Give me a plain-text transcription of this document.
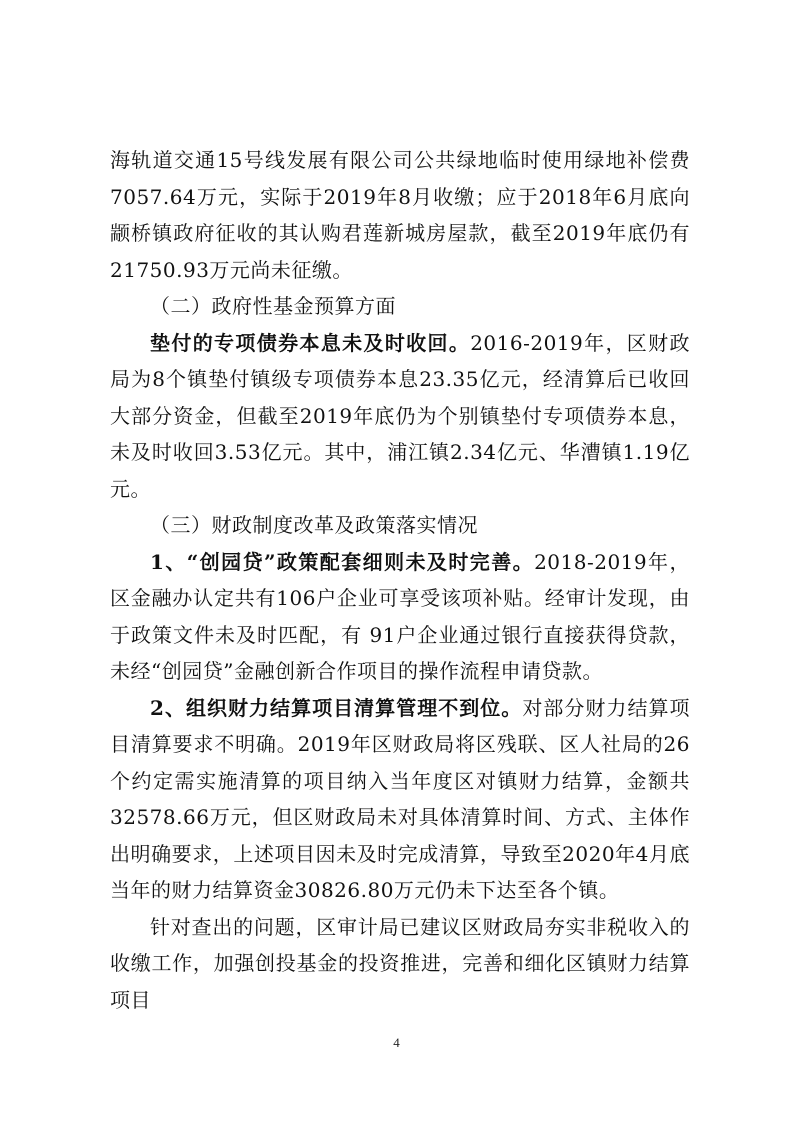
海轨道交通15号线发展有限公司公共绿地临时使用绿地补偿费7057.64万元，实际于2019年8月收缴；应于2018年6月底向颛桥镇政府征收的其认购君莲新城房屋款，截至2019年底仍有21750.93万元尚未征缴。

（二）政府性基金预算方面

垫付的专项债券本息未及时收回。2016-2019年，区财政局为8个镇垫付镇级专项债券本息23.35亿元，经清算后已收回大部分资金，但截至2019年底仍为个别镇垫付专项债券本息，未及时收回3.53亿元。其中，浦江镇2.34亿元、华漕镇1.19亿元。

（三）财政制度改革及政策落实情况

1、“创园贷”政策配套细则未及时完善。2018-2019年，区金融办认定共有106户企业可享受该项补贴。经审计发现，由于政策文件未及时匹配，有 91户企业通过银行直接获得贷款，未经“创园贷”金融创新合作项目的操作流程申请贷款。

2、组织财力结算项目清算管理不到位。对部分财力结算项目清算要求不明确。2019年区财政局将区残联、区人社局的26个约定需实施清算的项目纳入当年度区对镇财力结算，金额共32578.66万元，但区财政局未对具体清算时间、方式、主体作出明确要求，上述项目因未及时完成清算，导致至2020年4月底当年的财力结算资金30826.80万元仍未下达至各个镇。

针对查出的问题，区审计局已建议区财政局夯实非税收入的收缴工作，加强创投基金的投资推进，完善和细化区镇财力结算项目

4
